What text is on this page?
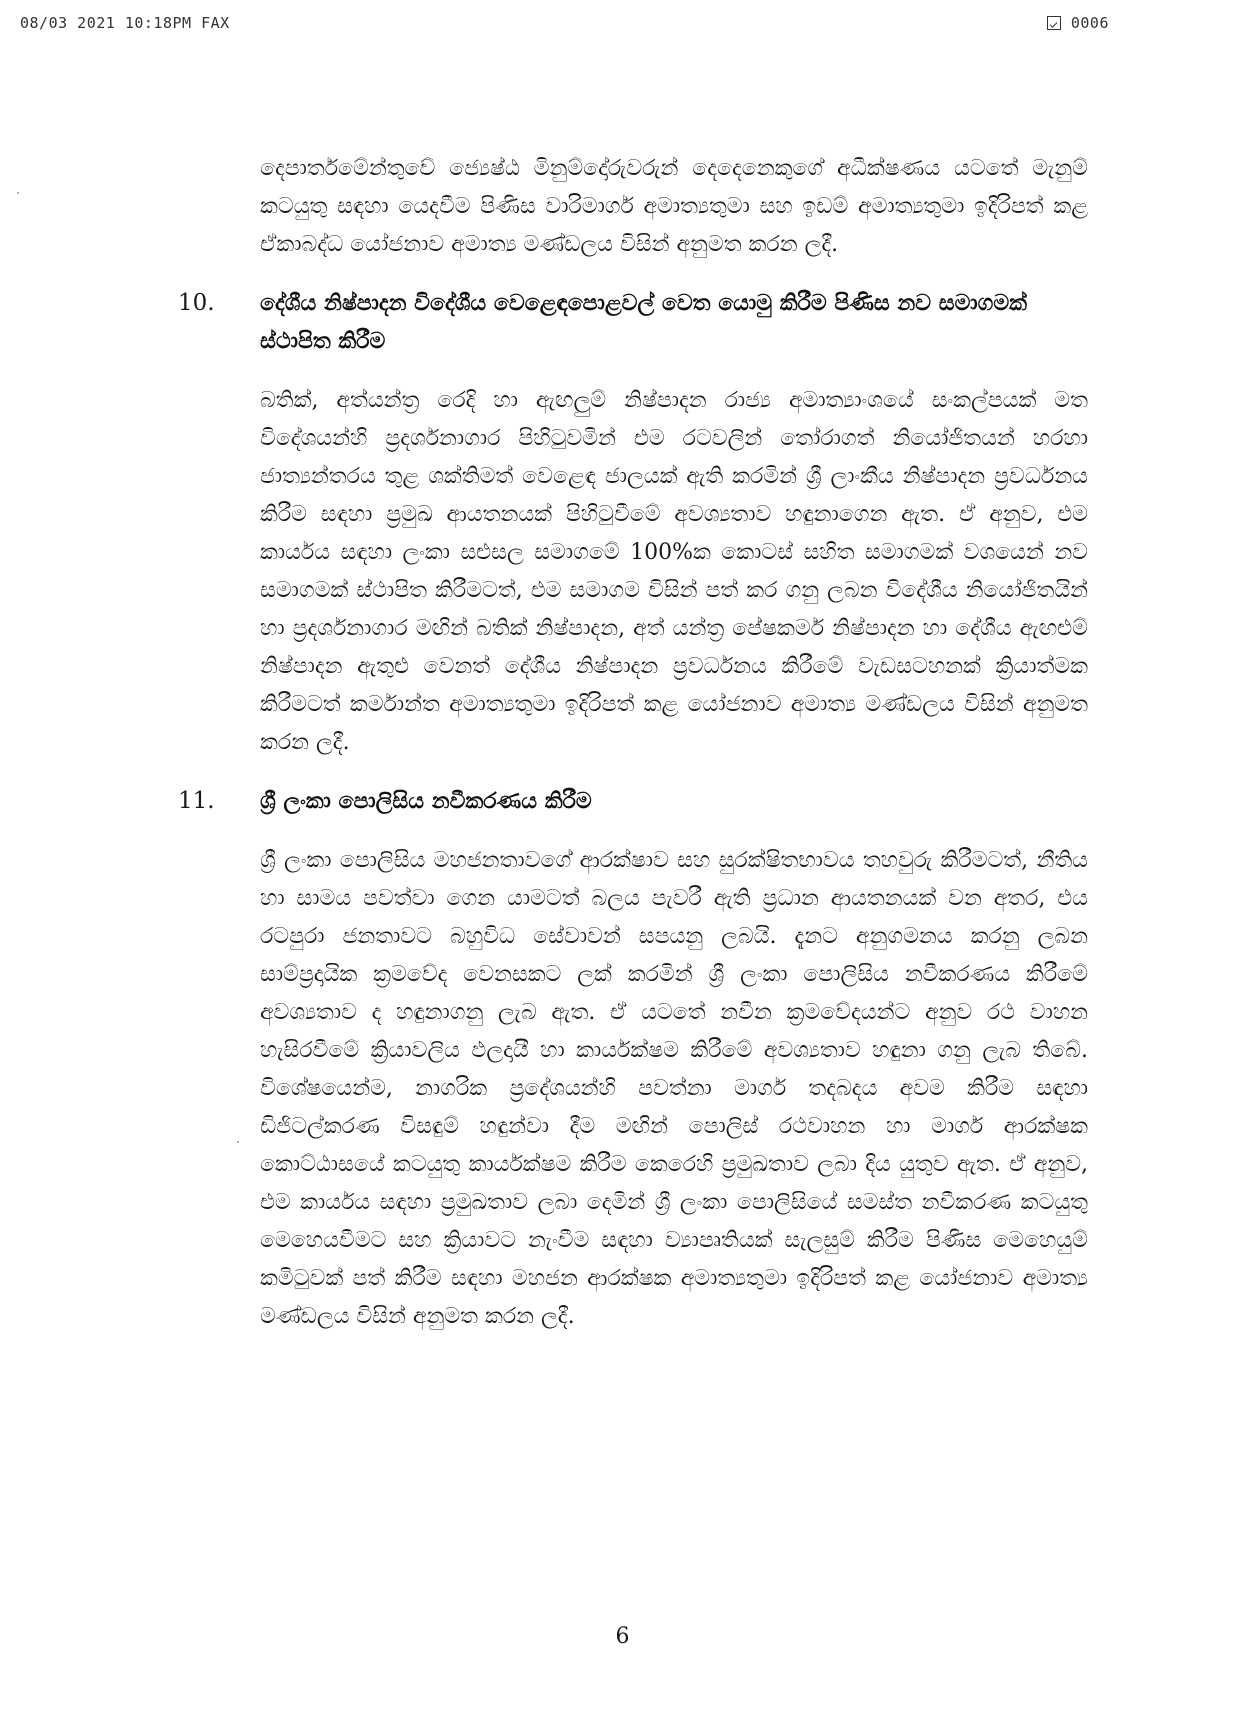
08/03 2021 10:18PM FAX	0006

දෙපාර්තමේන්තුවේ ජ්‍යෙෂ්ඨ මිනුම්දෝරුවරුන් දෙදෙනෙකුගේ අධීක්ෂණය යටතේ මැනුම් කටයුතු සඳහා යෙදවීම පිණිස වාරිමාර්ග අමාත්‍යතුමා සහ ඉඩම් අමාත්‍යතුමා ඉදිරිපත් කළ ඒකාබද්ධ යෝජනාව අමාත්‍ය මණ්ඩලය විසින් අනුමත කරන ලදී.

10. දේශීය නිෂ්පාදන විදේශීය වෙළෙඳපොළවල් වෙත යොමු කිරීම පිණිස නව සමාගමක් ස්ථාපිත කිරීම

බතික්, අත්යන්ත්‍ර රෙදි හා ඇඟලුම් නිෂ්පාදන රාජ්‍ය අමාත්‍යාංශයේ සංකල්පයක් මත විදේශයන්හි ප්‍රදර්ශනාගාර පිහිටුවමින් එම රටවලින් තෝරාගත් නියෝජිතයන් හරහා ජාත්‍යන්තරය තුළ ශක්තිමත් වෙළෙඳ ජාලයක් ඇති කරමින් ශ්‍රී ලාංකීය නිෂ්පාදන ප්‍රවර්ධනය කිරීම සඳහා ප්‍රමුඛ ආයතනයක් පිහිටුවීමේ අවශ්‍යතාව හඳුනාගෙන ඇත. ඒ අනුව, එම කාර්යය සඳහා ලංකා සළුසල සමාගමේ 100%ක කොටස් සහිත සමාගමක් වශයෙන් නව සමාගමක් ස්ථාපිත කිරීමටත්, එම සමාගම විසින් පත් කර ගනු ලබන විදේශීය නියෝජිතයින් හා ප්‍රදර්ශනාගාර මඟින් බතික් නිෂ්පාදන, අත් යන්ත්‍ර පේෂකර්ම නිෂ්පාදන හා දේශීය ඇඟළුම් නිෂ්පාදන ඇතුළු වෙනත් දේශීය නිෂ්පාදන ප්‍රවර්ධනය කිරීමේ වැඩසටහනක් ක්‍රියාත්මක කිරීමටත් කර්මාන්ත අමාත්‍යතුමා ඉදිරිපත් කළ යෝජනාව අමාත්‍ය මණ්ඩලය විසින් අනුමත කරන ලදී.

11. ශ්‍රී ලංකා පොලිසිය නවීකරණය කිරීම

ශ්‍රී ලංකා පොලිසිය මහජනතාවගේ ආරක්ෂාව සහ සුරක්ෂිතභාවය තහවුරු කිරීමටත්, නීතිය හා සාමය පවත්වා ගෙන යාමටත් බලය පැවරී ඇති ප්‍රධාන ආයතනයක් වන අතර, එය රටපුරා ජනතාවට බහුවිධ සේවාවන් සපයනු ලබයි. දැනට අනුගමනය කරනු ලබන සාම්ප්‍රදායික ක්‍රමවේද වෙනසකට ලක් කරමින් ශ්‍රී ලංකා පොලිසිය නවීකරණය කිරීමේ අවශ්‍යතාව ද හඳුනාගනු ලැබ ඇත. ඒ යටතේ නවීන ක්‍රමවේදයන්ට අනුව රථ වාහන හැසිරවීමේ ක්‍රියාවලිය ඵලදායී හා කාර්යක්ෂම කිරීමේ අවශ්‍යතාව හඳුනා ගනු ලැබ තිබේ. විශේෂයෙන්ම, නාගරික ප්‍රදේශයන්හි පවත්නා මාර්ග තදබදය අවම කිරීම සඳහා ඩිජිටල්කරණ විසඳුම් හඳුන්වා දීම මඟින් පොලිස් රථවාහන හා මාර්ග ආරක්ෂක කොට්ඨාසයේ කටයුතු කාර්යක්ෂම කිරීම කෙරෙහි ප්‍රමුඛතාව ලබා දිය යුතුව ඇත. ඒ අනුව, එම කාර්යය සඳහා ප්‍රමුඛතාව ලබා දෙමින් ශ්‍රී ලංකා පොලිසියේ සමස්ත නවීකරණ කටයුතු මෙහෙයවීමට සහ ක්‍රියාවට නැංවීම සඳහා ව්‍යාපෘතියක් සැලසුම් කිරීම පිණිස මෙහෙයුම් කමිටුවක් පත් කිරීම සඳහා මහජන ආරක්ෂක අමාත්‍යතුමා ඉදිරිපත් කළ යෝජනාව අමාත්‍ය මණ්ඩලය විසින් අනුමත කරන ලදී.

6
